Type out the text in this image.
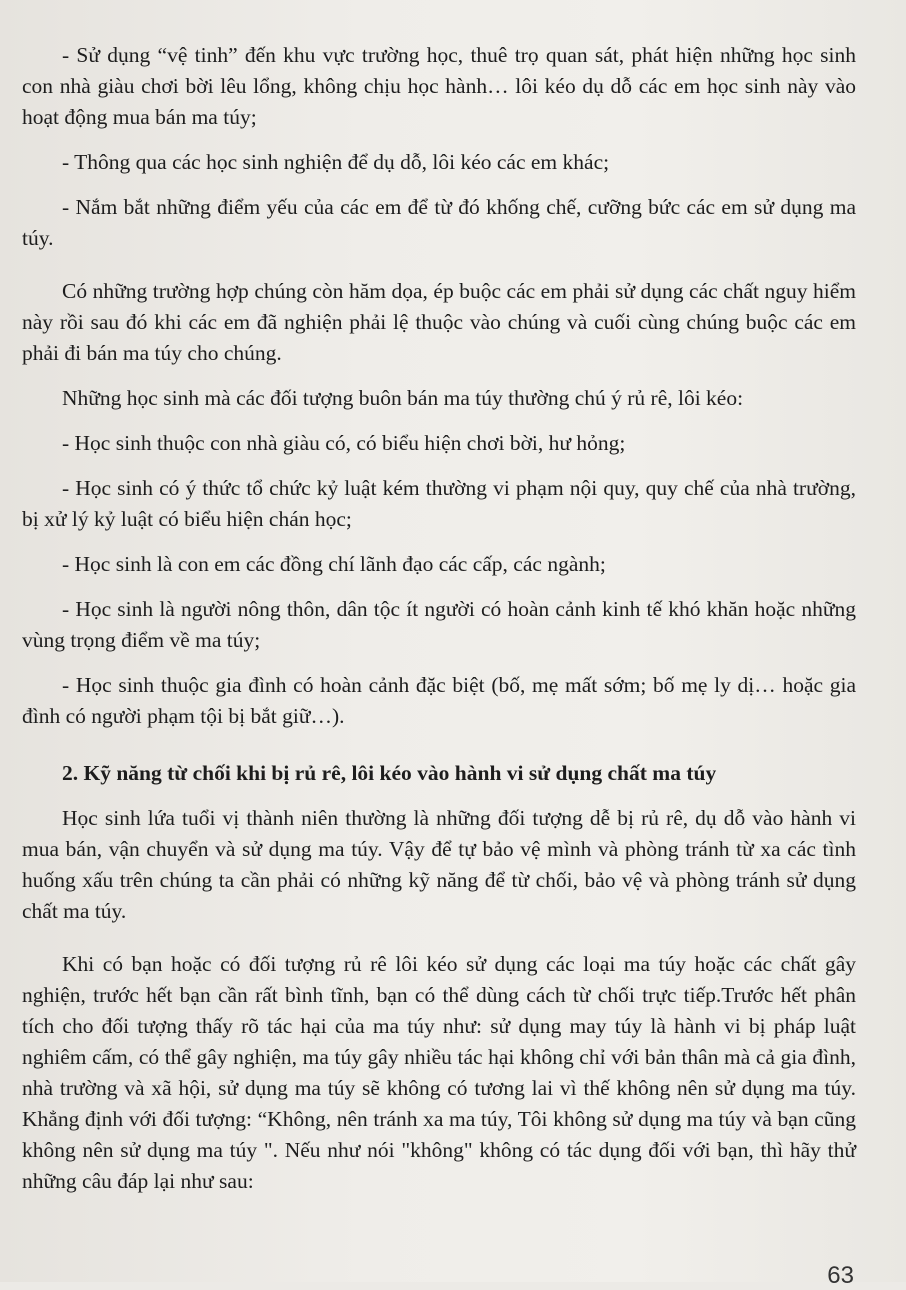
- Sử dụng “vệ tinh” đến khu vực trường học, thuê trọ quan sát, phát hiện những học sinh con nhà giàu chơi bời lêu lổng, không chịu học hành… lôi kéo dụ dỗ các em học sinh này vào hoạt động mua bán ma túy;

- Thông qua các học sinh nghiện để dụ dỗ, lôi kéo các em khác;

- Nắm bắt những điểm yếu của các em để từ đó khống chế, cưỡng bức các em sử dụng ma túy.

Có những trường hợp chúng còn hăm dọa, ép buộc các em phải sử dụng các chất nguy hiểm này rồi sau đó khi các em đã nghiện phải lệ thuộc vào chúng và cuối cùng chúng buộc các em phải đi bán ma túy cho chúng.

Những học sinh mà các đối tượng buôn bán ma túy thường chú ý rủ rê, lôi kéo:

- Học sinh thuộc con nhà giàu có, có biểu hiện chơi bời, hư hỏng;

- Học sinh có ý thức tổ chức kỷ luật kém thường vi phạm nội quy, quy chế của nhà trường, bị xử lý kỷ luật có biểu hiện chán học;

- Học sinh là con em các đồng chí lãnh đạo các cấp, các ngành;

- Học sinh là người nông thôn, dân tộc ít người có hoàn cảnh kinh tế khó khăn hoặc những vùng trọng điểm về ma túy;

- Học sinh thuộc gia đình có hoàn cảnh đặc biệt (bố, mẹ mất sớm; bố mẹ ly dị… hoặc gia đình có người phạm tội bị bắt giữ…).

2. Kỹ năng từ chối khi bị rủ rê, lôi kéo vào hành vi sử dụng chất ma túy

Học sinh lứa tuổi vị thành niên thường là những đối tượng dễ bị rủ rê, dụ dỗ vào hành vi mua bán, vận chuyển và sử dụng ma túy. Vậy để tự bảo vệ mình và phòng tránh từ xa các tình huống xấu trên chúng ta cần phải có những kỹ năng để từ chối, bảo vệ và phòng tránh sử dụng chất ma túy.

Khi có bạn hoặc có đối tượng rủ rê lôi kéo sử dụng các loại ma túy hoặc các chất gây nghiện, trước hết bạn cần rất bình tĩnh, bạn có thể dùng cách từ chối trực tiếp.Trước hết phân tích cho đối tượng thấy rõ tác hại của ma túy như: sử dụng may túy là hành vi bị pháp luật nghiêm cấm, có thể gây nghiện, ma túy gây nhiều tác hại không chỉ với bản thân mà cả gia đình, nhà trường và xã hội, sử dụng ma túy sẽ không có tương lai vì thế không nên sử dụng ma túy. Khẳng định với đối tượng: “Không, nên tránh xa ma túy, Tôi không sử dụng ma túy và bạn cũng không nên sử dụng ma túy ". Nếu như nói "không" không có tác dụng đối với bạn, thì hãy thử những câu đáp lại như sau:

63
